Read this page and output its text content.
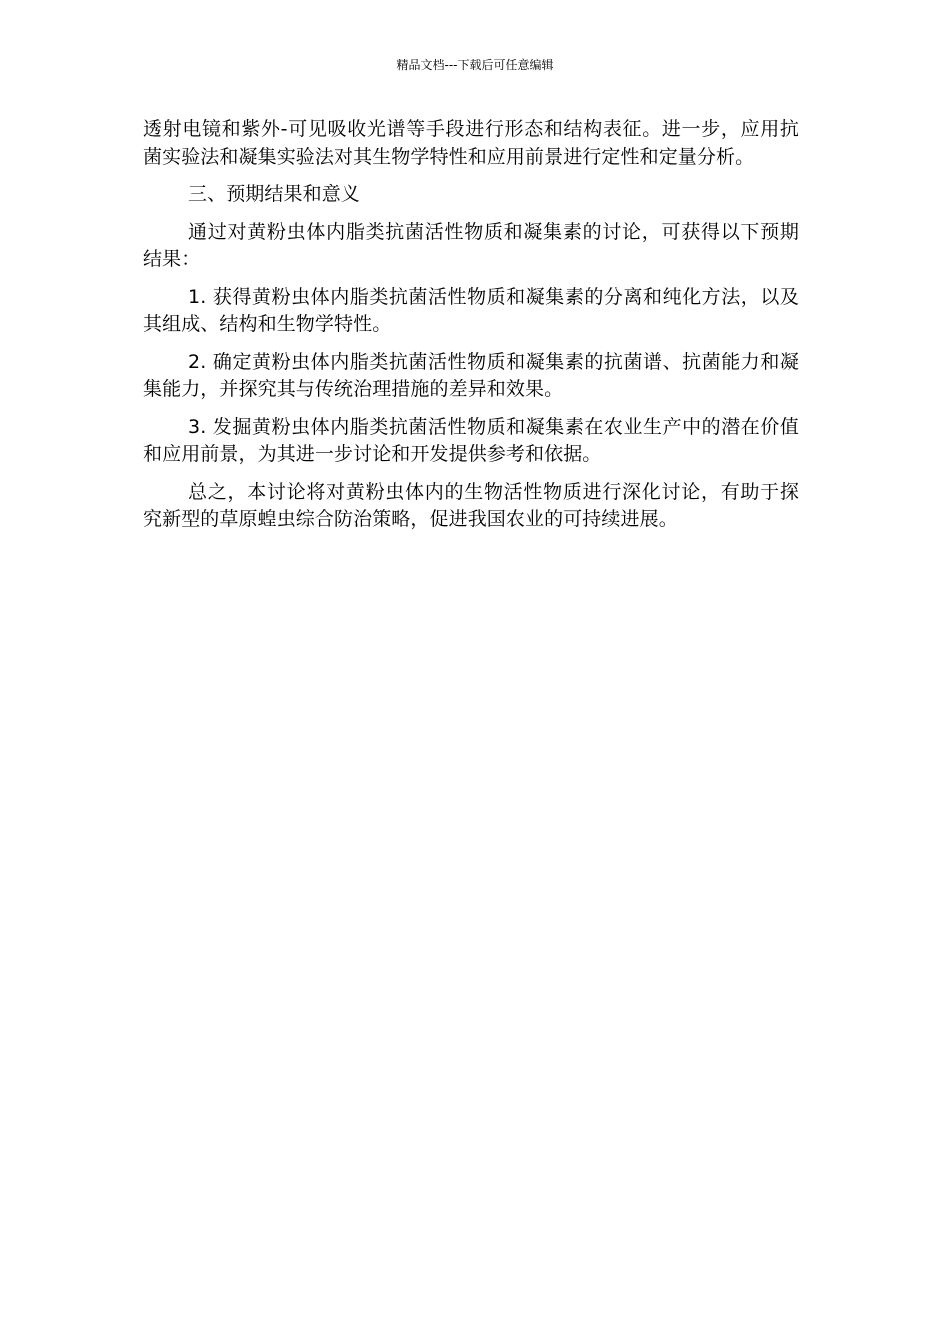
精品文档---下载后可任意编辑

透射电镜和紫外-可见吸收光谱等手段进行形态和结构表征。进一步，应用抗菌实验法和凝集实验法对其生物学特性和应用前景进行定性和定量分析。

三、预期结果和意义

通过对黄粉虫体内脂类抗菌活性物质和凝集素的讨论，可获得以下预期结果：

1. 获得黄粉虫体内脂类抗菌活性物质和凝集素的分离和纯化方法，以及其组成、结构和生物学特性。

2. 确定黄粉虫体内脂类抗菌活性物质和凝集素的抗菌谱、抗菌能力和凝集能力，并探究其与传统治理措施的差异和效果。

3. 发掘黄粉虫体内脂类抗菌活性物质和凝集素在农业生产中的潜在价值和应用前景，为其进一步讨论和开发提供参考和依据。

总之，本讨论将对黄粉虫体内的生物活性物质进行深化讨论，有助于探究新型的草原蝗虫综合防治策略，促进我国农业的可持续进展。
